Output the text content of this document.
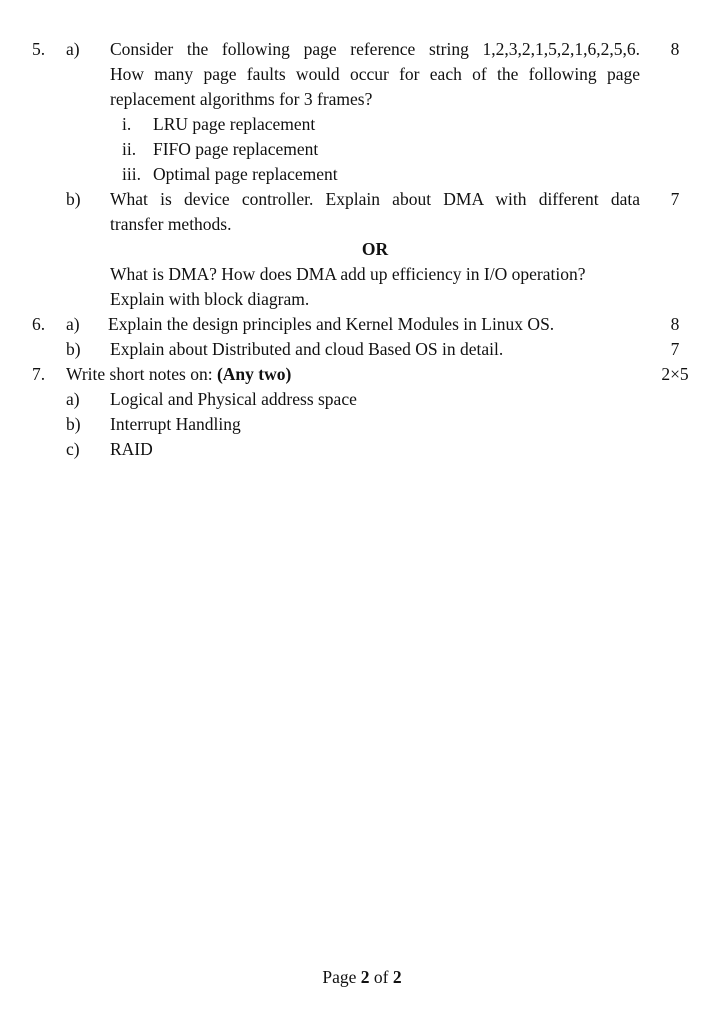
5. a) Consider the following page reference string 1,2,3,2,1,5,2,1,6,2,5,6.	8
How many page faults would occur for each of the following page
replacement algorithms for 3 frames?
i. LRU page replacement
ii. FIFO page replacement
iii. Optimal page replacement
b) What is device controller. Explain about DMA with different data	7
transfer methods.
OR
What is DMA? How does DMA add up efficiency in I/O operation?
Explain with block diagram.
6. a) Explain the design principles and Kernel Modules in Linux OS.	8
b) Explain about Distributed and cloud Based OS in detail.	7
7. Write short notes on: (Any two)	2×5
a) Logical and Physical address space
b) Interrupt Handling
c) RAID
Page 2 of 2
